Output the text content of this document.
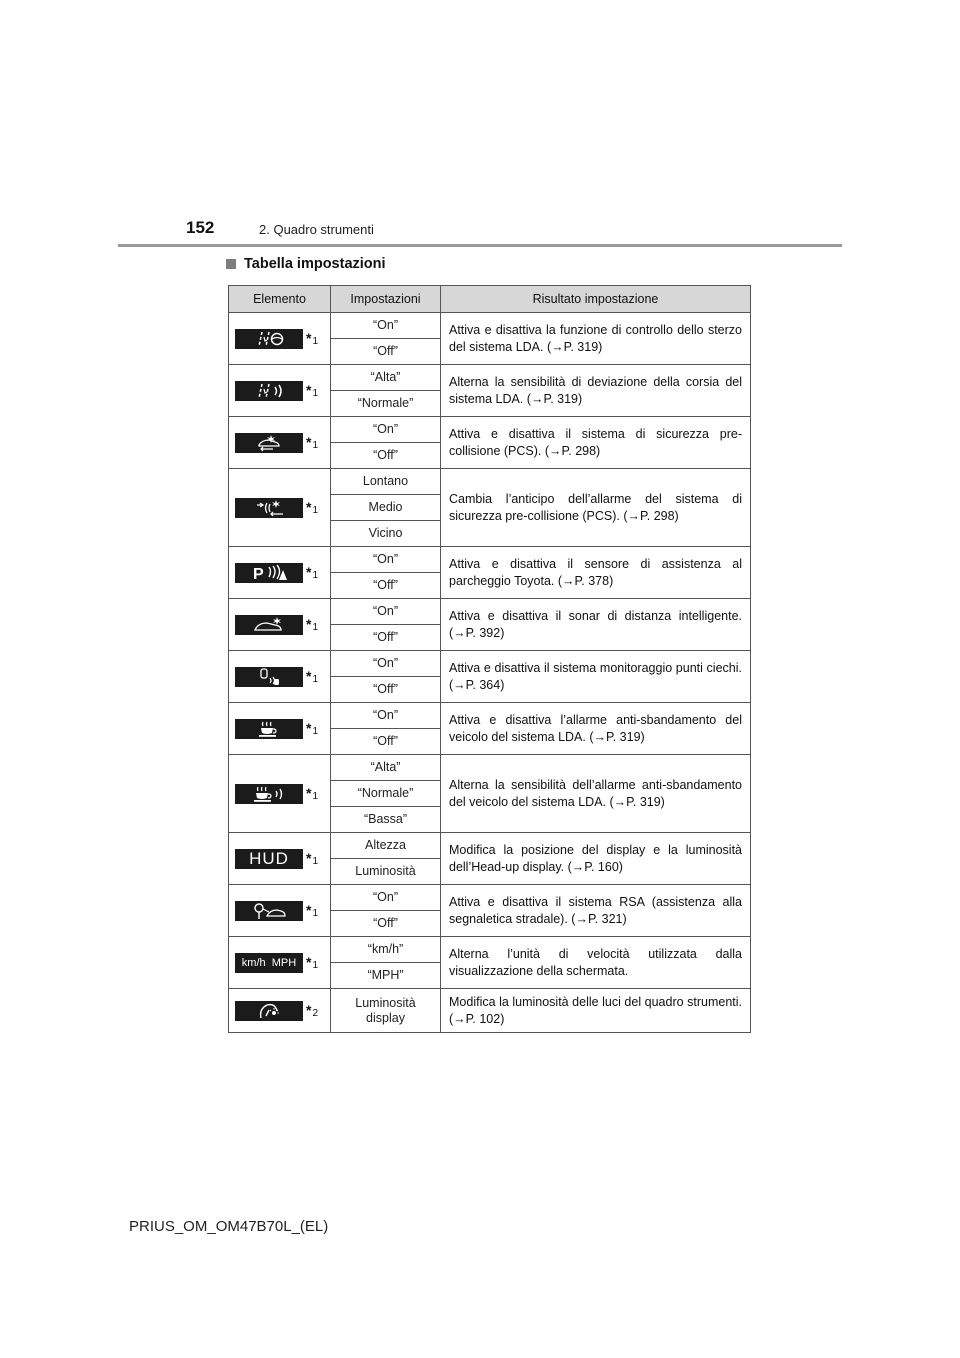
152	2. Quadro strumenti
Tabella impostazioni
Elemento	Impostazioni	Risultato impostazione

$*_1$	“On”	Attiva e disattiva la funzione di controllo dello sterzo del sistema LDA. (→P. 319)
	“Off”	

$*_1$	“Alta”	Alterna la sensibilità di deviazione della corsia del sistema LDA. (→P. 319)
	“Normale”	

$*_1$	“On”	Attiva e disattiva il sistema di sicurezza pre-collisione (PCS). (→P. 298)
	“Off”	

$*_1$	Lontano	Cambia l’anticipo dell’allarme del sistema di sicurezza pre-collisione (PCS). (→P. 298)
	Medio	
	Vicino	

P $*_1$	“On”	Attiva e disattiva il sensore di assistenza al parcheggio Toyota. (→P. 378)
	“Off”	

$*_1$	“On”	Attiva e disattiva il sonar di distanza intelligente. (→P. 392)
	“Off”	

$*_1$	“On”	Attiva e disattiva il sistema monitoraggio punti ciechi. (→P. 364)
	“Off”	

$*_1$	“On”	Attiva e disattiva l’allarme anti-sbandamento del veicolo del sistema LDA. (→P. 319)
	“Off”	

$*_1$	“Alta”	Alterna la sensibilità dell’allarme anti-sbandamento del veicolo del sistema LDA. (→P. 319)
	“Normale”	
	“Bassa”	

HUD $*_1$	Altezza	Modifica la posizione del display e la luminosità dell’Head-up display. (→P. 160)
	Luminosità	

$*_1$	“On”	Attiva e disattiva il sistema RSA (assistenza alla segnaletica stradale). (→P. 321)
	“Off”	

km/h  MPH $*_1$	“km/h”	Alterna l’unità di velocità utilizzata dalla visualizzazione della schermata.
	“MPH”	

$*_2$	Luminosità display	Modifica la luminosità delle luci del quadro strumenti. (→P. 102)
PRIUS_OM_OM47B70L_(EL)
